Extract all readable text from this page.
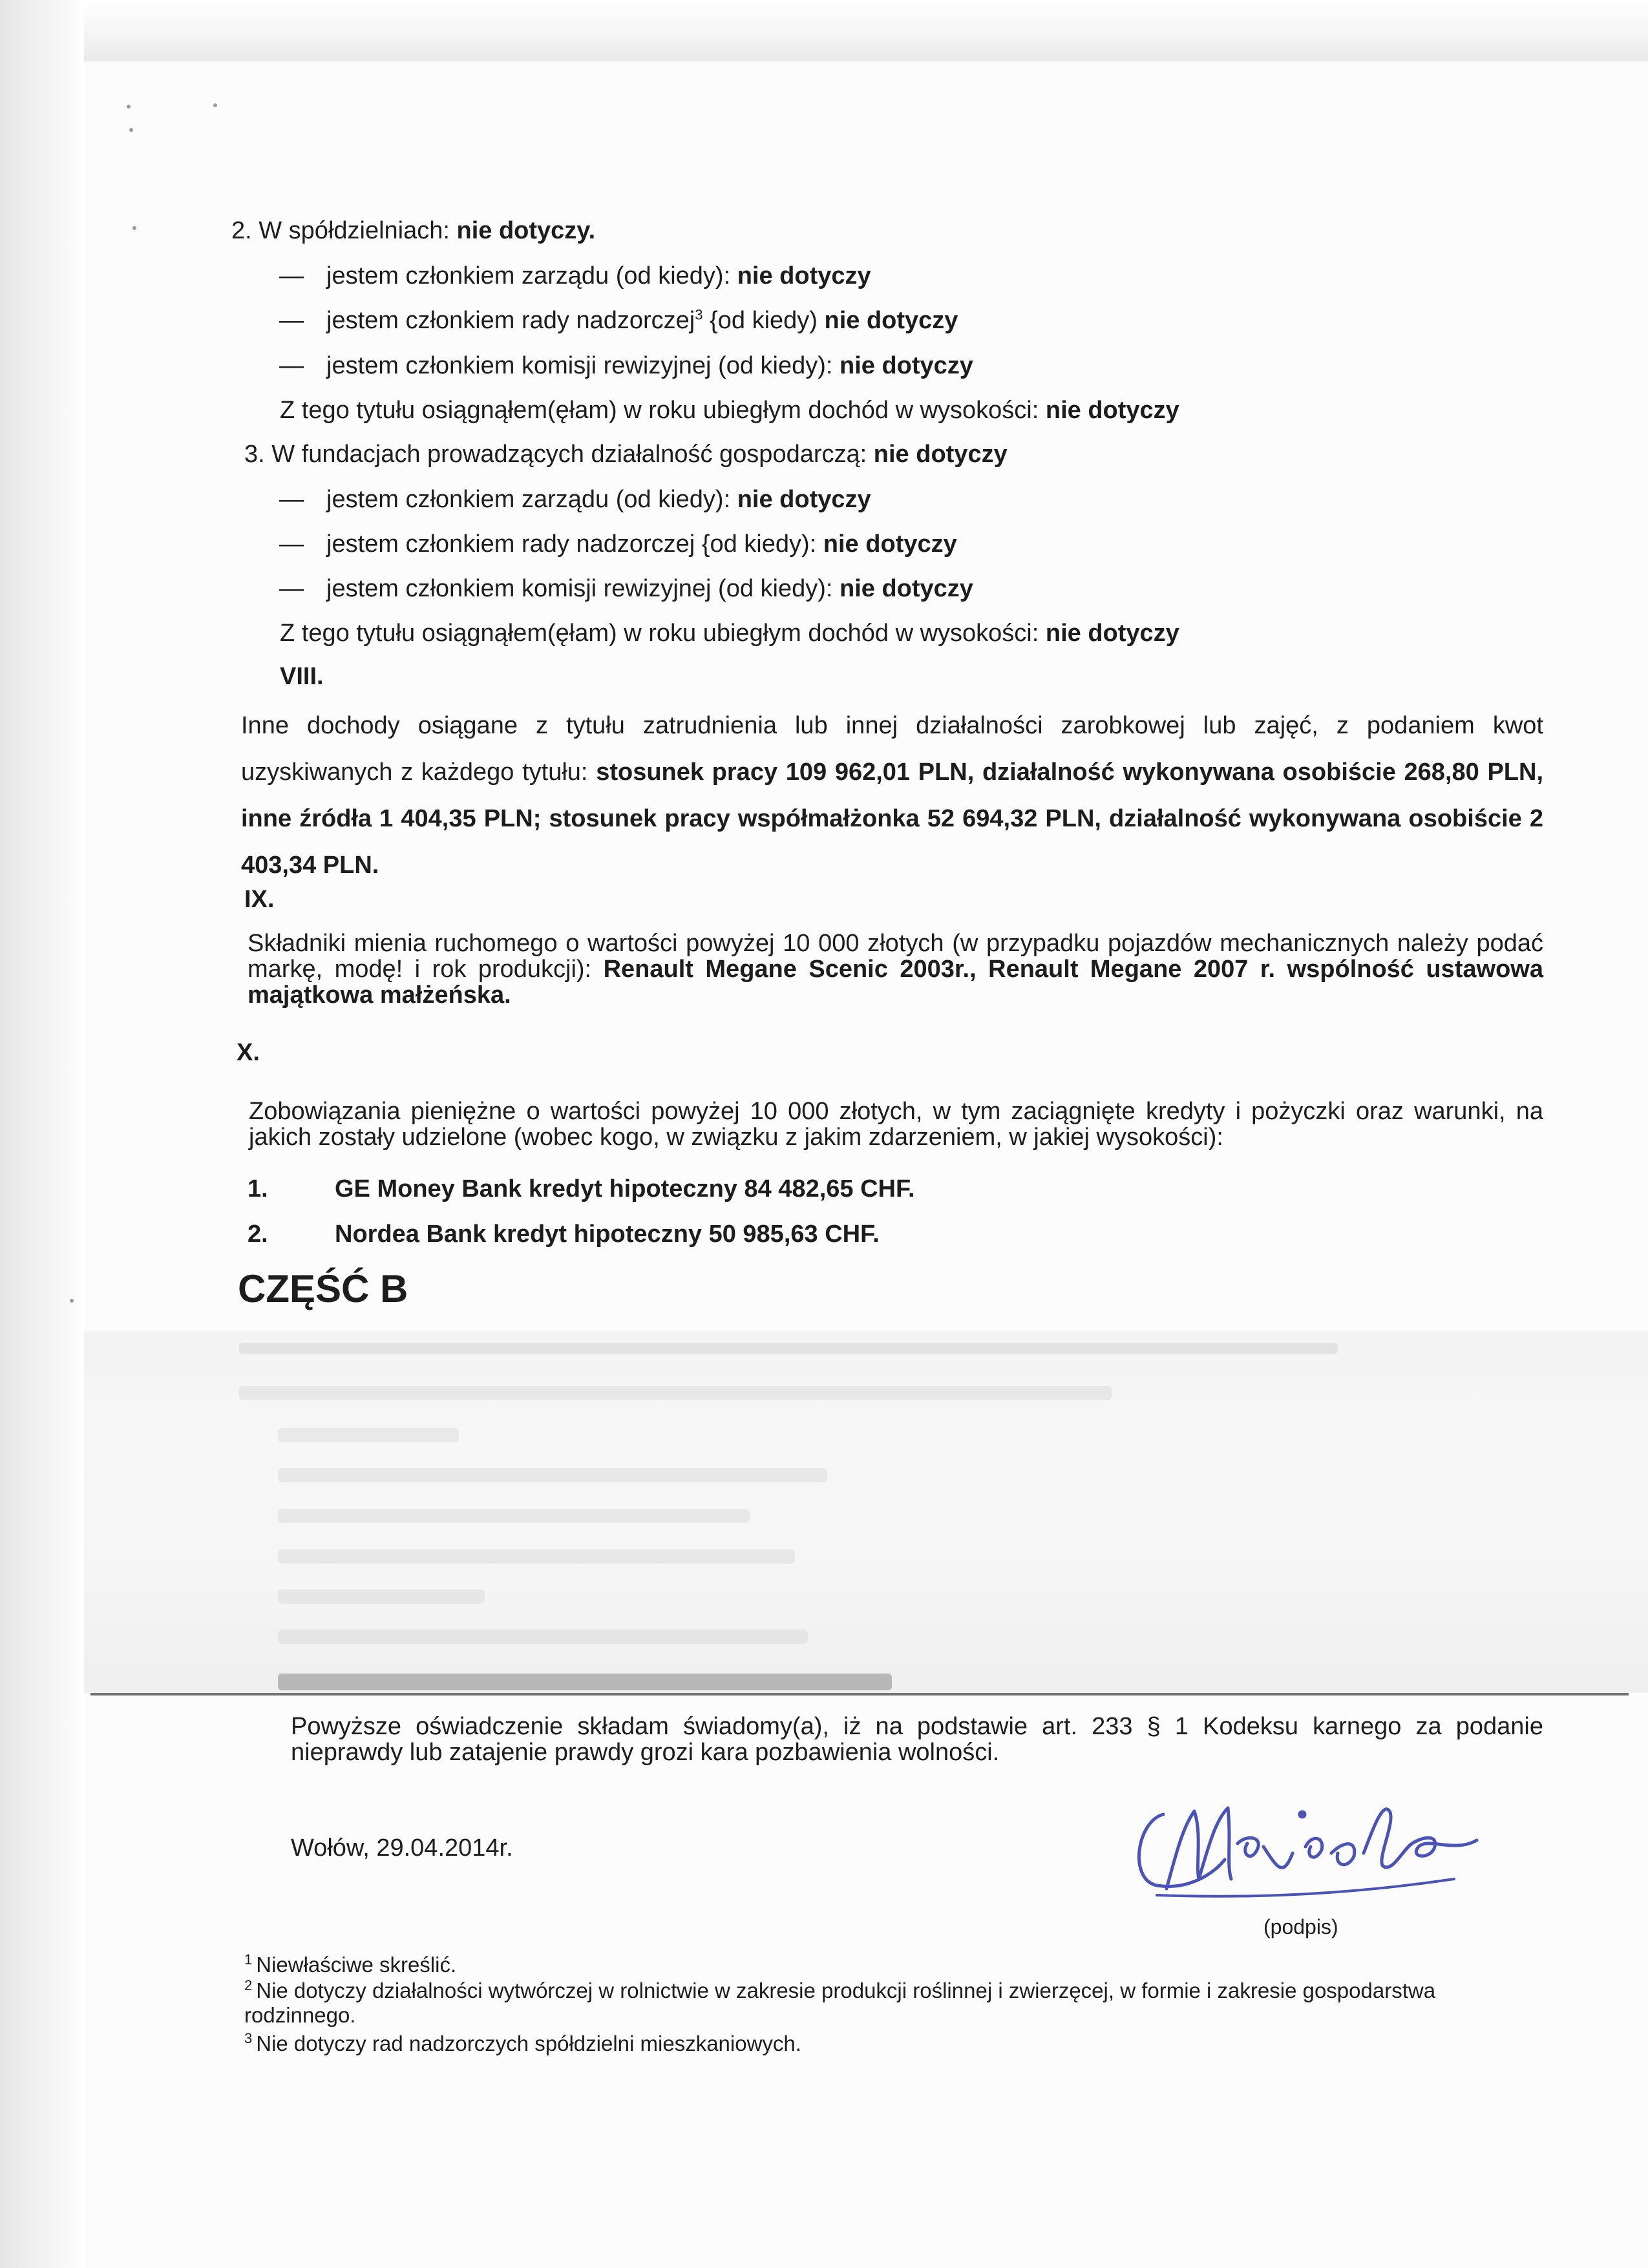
2. W spółdzielniach: nie dotyczy.
— jestem członkiem zarządu (od kiedy): nie dotyczy
— jestem członkiem rady nadzorczej$^3$ {od kiedy) nie dotyczy
— jestem członkiem komisji rewizyjnej (od kiedy): nie dotyczy
Z tego tytułu osiągnąłem(ęłam) w roku ubiegłym dochód w wysokości: nie dotyczy
3. W fundacjach prowadzących działalność gospodarczą: nie dotyczy
— jestem członkiem zarządu (od kiedy): nie dotyczy
— jestem członkiem rady nadzorczej {od kiedy): nie dotyczy
— jestem członkiem komisji rewizyjnej (od kiedy): nie dotyczy
Z tego tytułu osiągnąłem(ęłam) w roku ubiegłym dochód w wysokości: nie dotyczy
VIII.
Inne dochody osiągane z tytułu zatrudnienia lub innej działalności zarobkowej lub zajęć, z podaniem kwot uzyskiwanych z każdego tytułu: stosunek pracy 109 962,01 PLN, działalność wykonywana osobiście 268,80 PLN, inne źródła 1 404,35 PLN; stosunek pracy współmałżonka 52 694,32 PLN, działalność wykonywana osobiście 2 403,34 PLN.
IX.
Składniki mienia ruchomego o wartości powyżej 10 000 złotych (w przypadku pojazdów mechanicznych należy podać markę, modę! i rok produkcji): Renault Megane Scenic 2003r., Renault Megane 2007 r. wspólność ustawowa majątkowa małżeńska.
X.
Zobowiązania pieniężne o wartości powyżej 10 000 złotych, w tym zaciągnięte kredyty i pożyczki oraz warunki, na jakich zostały udzielone (wobec kogo, w związku z jakim zdarzeniem, w jakiej wysokości):
1.	GE Money Bank kredyt hipoteczny 84 482,65 CHF.
2.	Nordea Bank kredyt hipoteczny 50 985,63 CHF.
CZĘŚĆ B
Powyższe oświadczenie składam świadomy(a), iż na podstawie art. 233 § 1 Kodeksu karnego za podanie nieprawdy lub zatajenie prawdy grozi kara pozbawienia wolności.
Wołów, 29.04.2014r.
(podpis)
$^1$ Niewłaściwe skreślić.
$^2$ Nie dotyczy działalności wytwórczej w rolnictwie w zakresie produkcji roślinnej i zwierzęcej, w formie i zakresie gospodarstwa rodzinnego.
$^3$ Nie dotyczy rad nadzorczych spółdzielni mieszkaniowych.
